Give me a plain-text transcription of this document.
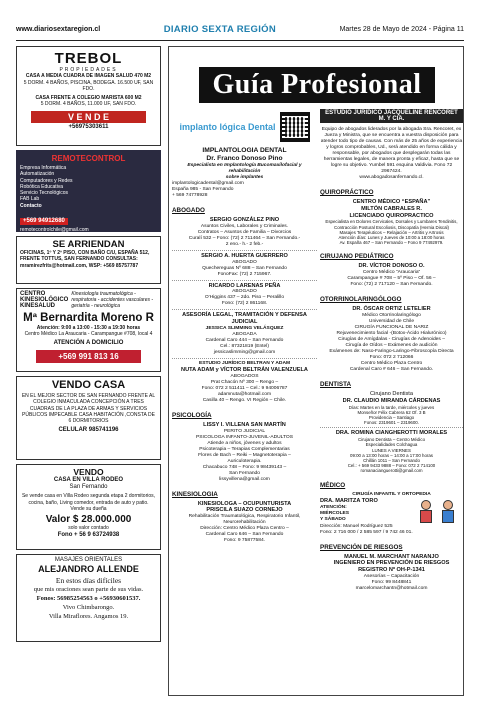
www.diariosextaregion.cl	DIARIO SEXTA REGIÓN	Martes 28 de Mayo de 2024 - Página 11
TREBOL
PROPIEDADES
CASA A MEDIA CUADRA DE IMAGEN SALUD 470 M2
5 DORM. 4 BAÑOS, PISCINA, BODEGA. 16.500 UF, SAN FDO.
CASA FRENTE A COLEGIO MARISTA 600 M2
5 DORM. 4 BAÑOS, 11.000 UF, SAN FDO.
V E N D E
+56975303611
REMOTECONTROL
Empresa Informática
Automatización
Computadores y Redes
Robótica Educativa
Servicio Tecnológicos
FAB Lab
Contacto
+569 94912680
remotecontrolchile@gmail.com
SE ARRIENDAN
OFICINAS, 1º Y 2º PISO, CON BAÑO C/U, ESPAÑA 512, FRENTE TOTTUS, SAN FERNANDO CONSULTAS: mramirezfrits@hotmail.com, WSP: +569 85757787
CENTRO KINESIOLÓGICO KINESALUD
Kinesiología traumatológica - respiratoria - accidentes vasculares - geriatría - neurológica
Mª Bernardita Moreno R
Atención: 9:00 a 13:00 - 15:30 a 19:30 horas
Centro Médico La Araucaria - Carampangue #708, local 4
ATENCIÓN A DOMICILIO
+569 991 813 16
VENDO CASA
EN EL MEJOR SECTOR DE SAN FERNANDO FRENTE AL COLEGIO INMACULADA CONCEPCIÓN A TRES CUADRAS DE LA PLAZA DE ARMAS Y SERVICIOS PÚBLICOS IMPECABLE CASA HABITACIÓN ,CONSTA DE 6 DORMITORIOS
CELULAR 985741196
VENDO
CASA EN VILLA RODEO
San Fernando
Se vende casa en Villa Rodeo segunda etapa 2 dormitorios, cocina, baño, Living comedor, entrada de auto y patio. Vende su dueña
Valor $ 28.000.000
solo valor contado
Fono + 56 9 63724938
MASAJES ORIENTALES
ALEJANDRO ALLENDE
En estos días difíciles
que mis oraciones sean parte de sus vidas.
Fonos: 56985254563 o +56930601537.
Vivo Chimbarongo.
Villa Miraflores. Angamos 19.
Guía Profesional
implanto lógica Dental
IMPLANTOLOGIA DENTAL
Dr. Franco Donoso Pino
Especialista en Implantología Bucomaxilofacial y rehabilitación
sobre implantes
implantologicadental@gmail.com
España 985 - San Fernando
+ 569 74778928
ABOGADO
SERGIO GONZÁLEZ PINO
Asuntos Civiles, Laborales y Criminales.
Contratos – Asuntos de Familia – Divorcios
Curalí 532 – Fono: (72) 2 711464 – San Fernando.-
2 eno.- h.- 2 feb.-
SERGIO A. HUERTA GUERRERO
ABOGADO
Quechereguas Nº 688 – San Fernando
FonoFax: (72) 2 715967.
RICARDO LARENAS PEÑA
ABOGADO
O'Higgins 437 – 2do. Piso – Peralillo
Fono: (72) 2 861168.
ASESORÍA LEGAL, TRAMITACIÓN Y DEFENSA JUDICIAL
JESSICA SLIMMING VELÁSQUEZ
ABOGADA
Cardenal Caro 444 – San Fernando
Cel.: 87321819 (Entel)
jessicaslimming@gmail.com
ESTUDIO JURÍDICO BELTRAN Y ADAM
NUTA ADAM y VÍCTOR BELTRÁN VALENZUELA
ABOGADOS
Prat Chacón Nº 300 – Rengo –
Fono: 072 2 511411 – Cel.: 9 94006787
adamnuta@hotmail.com
Casilla 40 – Rengo. VI Región – Chile.
PSICOLOGÍA
LISSY I. VILLENA SAN MARTÍN
PERITO JUDICIAL
PSICOLOGA INFANTO-JUVENIL-ADULTOS
Atiende a niños, jóvenes y adultos
Psicoterapia – Terapias Complementarias
Flores de Bach – Reiki – Magnetoterapia –
Auriculoterapia.
Chacabuco 748 – Fono: 9 98439143 –
San Fernando
lissyvillena@gmail.com
KINESIOLOGIA
KINESIOLOGA – OCUPUNTURISTA
PRISCILA SUAZO CORNEJO
Rehabilitación Traumatológica, Respiratorio Infantil,
Neurorehabilitación
Dirección: Centro Médico Plaza Centro –
Cardenal Caro 646 – San Fernando
Fono: 9 75877584.
ESTUDIO JURIDICO JACQUELINE RENCORET M. Y CIA.
Equipo de abogados liderados por la abogada Sra. Rencoret, ex Jueza y Ministra, que se encuentra a vuestra disposición para atender todo tipo de causas. Con más de 25 años de experiencia y logros comprobables, Ud., será atendido en forma cálida y responsable, por abogados que desplegarán todas las herramientas legales, de manera pronta y eficaz, hasta que se logre su objetivo. Yumbel 591 esquina Valdivia. Fono 72 2967424.
www.abogadosanfernando.cl.
QUIROPRÁCTICO
CENTRO MÉDICO “ESPAÑA”
MILTÓN CABRALES R.
LICENCIADO QUIROPRACTICO
Especialista en Dolores Cervicales, Dorsales y Lumbares Tendinitis, Contracción Postural Escoliosis, Discopatía (Hernia Discal)
Masajes Terapéuticos – Relajación – Artritis y Artrosis
Atención días: Lunes y Jueves de 10:00 a 18:00 horas
Av. España 467 – San Fernando – Fono 9 77492979.
CIRUJANO PEDIÁTRICO
DR. VÍCTOR DONOSO O.
Centro Médico “Araucaria”
Carampangue # 708 – 5º Piso – Of. 56 –
Fono: (72) 2 717120 – San Fernando.
OTORRINOLARINGÓLOGO
DR. ÓSCAR ORTIZ LETELIER
Médico Otorrinolaringólogo
Universidad de Chile
CIRUGÍA FUNCIONAL DE NARIZ
Rejuvenecimiento facial -(Botox-Ácido Hialurónico)
Cirugías de Amígdalas - Cirugías de Adenoides –
Cirugía de Oídos – Exámenes de audición
Exámenes de: Naso-Faringo-Laringo-Fibroscopía Directa
Fono: 072 2 712066
Centro Médico Plaza Centro
Cardenal Caro # 646 – San Fernando.
DENTISTA
Cirujano Dentista
DR. CLAUDIO MIRANDA CÁRDENAS
Días: Martes en la tarde, miércoles y jueves
Monseñor Félix Cabrera 62 Of. 3 B
Providencia – Santiago
Fonos: 2319601 – 2319600.
DRA. ROMINA CIANGHEROTTI MORALES
Cirujano Dentista – Centro Médico
Especialidades Colchagua
LUNES A VIERNES
09:00 a 13:00 horas – 14:00 a 17:00 horas
Chillán 1011 – San Fernando
Cel.: + 569 9433 9888 – Fono: 072 2 714100
romanacianguerotti@gmail.com
MÉDICO
CIRUGÍA INFANTIL Y ORTOPEDIA
DRA. MARITZA TORO
ATENCIÓN:
MIÉRCOLES
Y SÁBADO
Dirección: Manuel Rodríguez 525
Fono: 2 716 000 / 2 585 597 / 9 742 46 01.
PREVENCIÓN DE RIESGOS
MANUEL M. MARCHANT NARANJO
INGENIERO EN PREVENCIÓN DE RIESGOS
REGISTRO Nº OH-P-1341
Asesorías – Capacitación
Fono: 99 8448841
marcelomarchantn@hotmail.com
